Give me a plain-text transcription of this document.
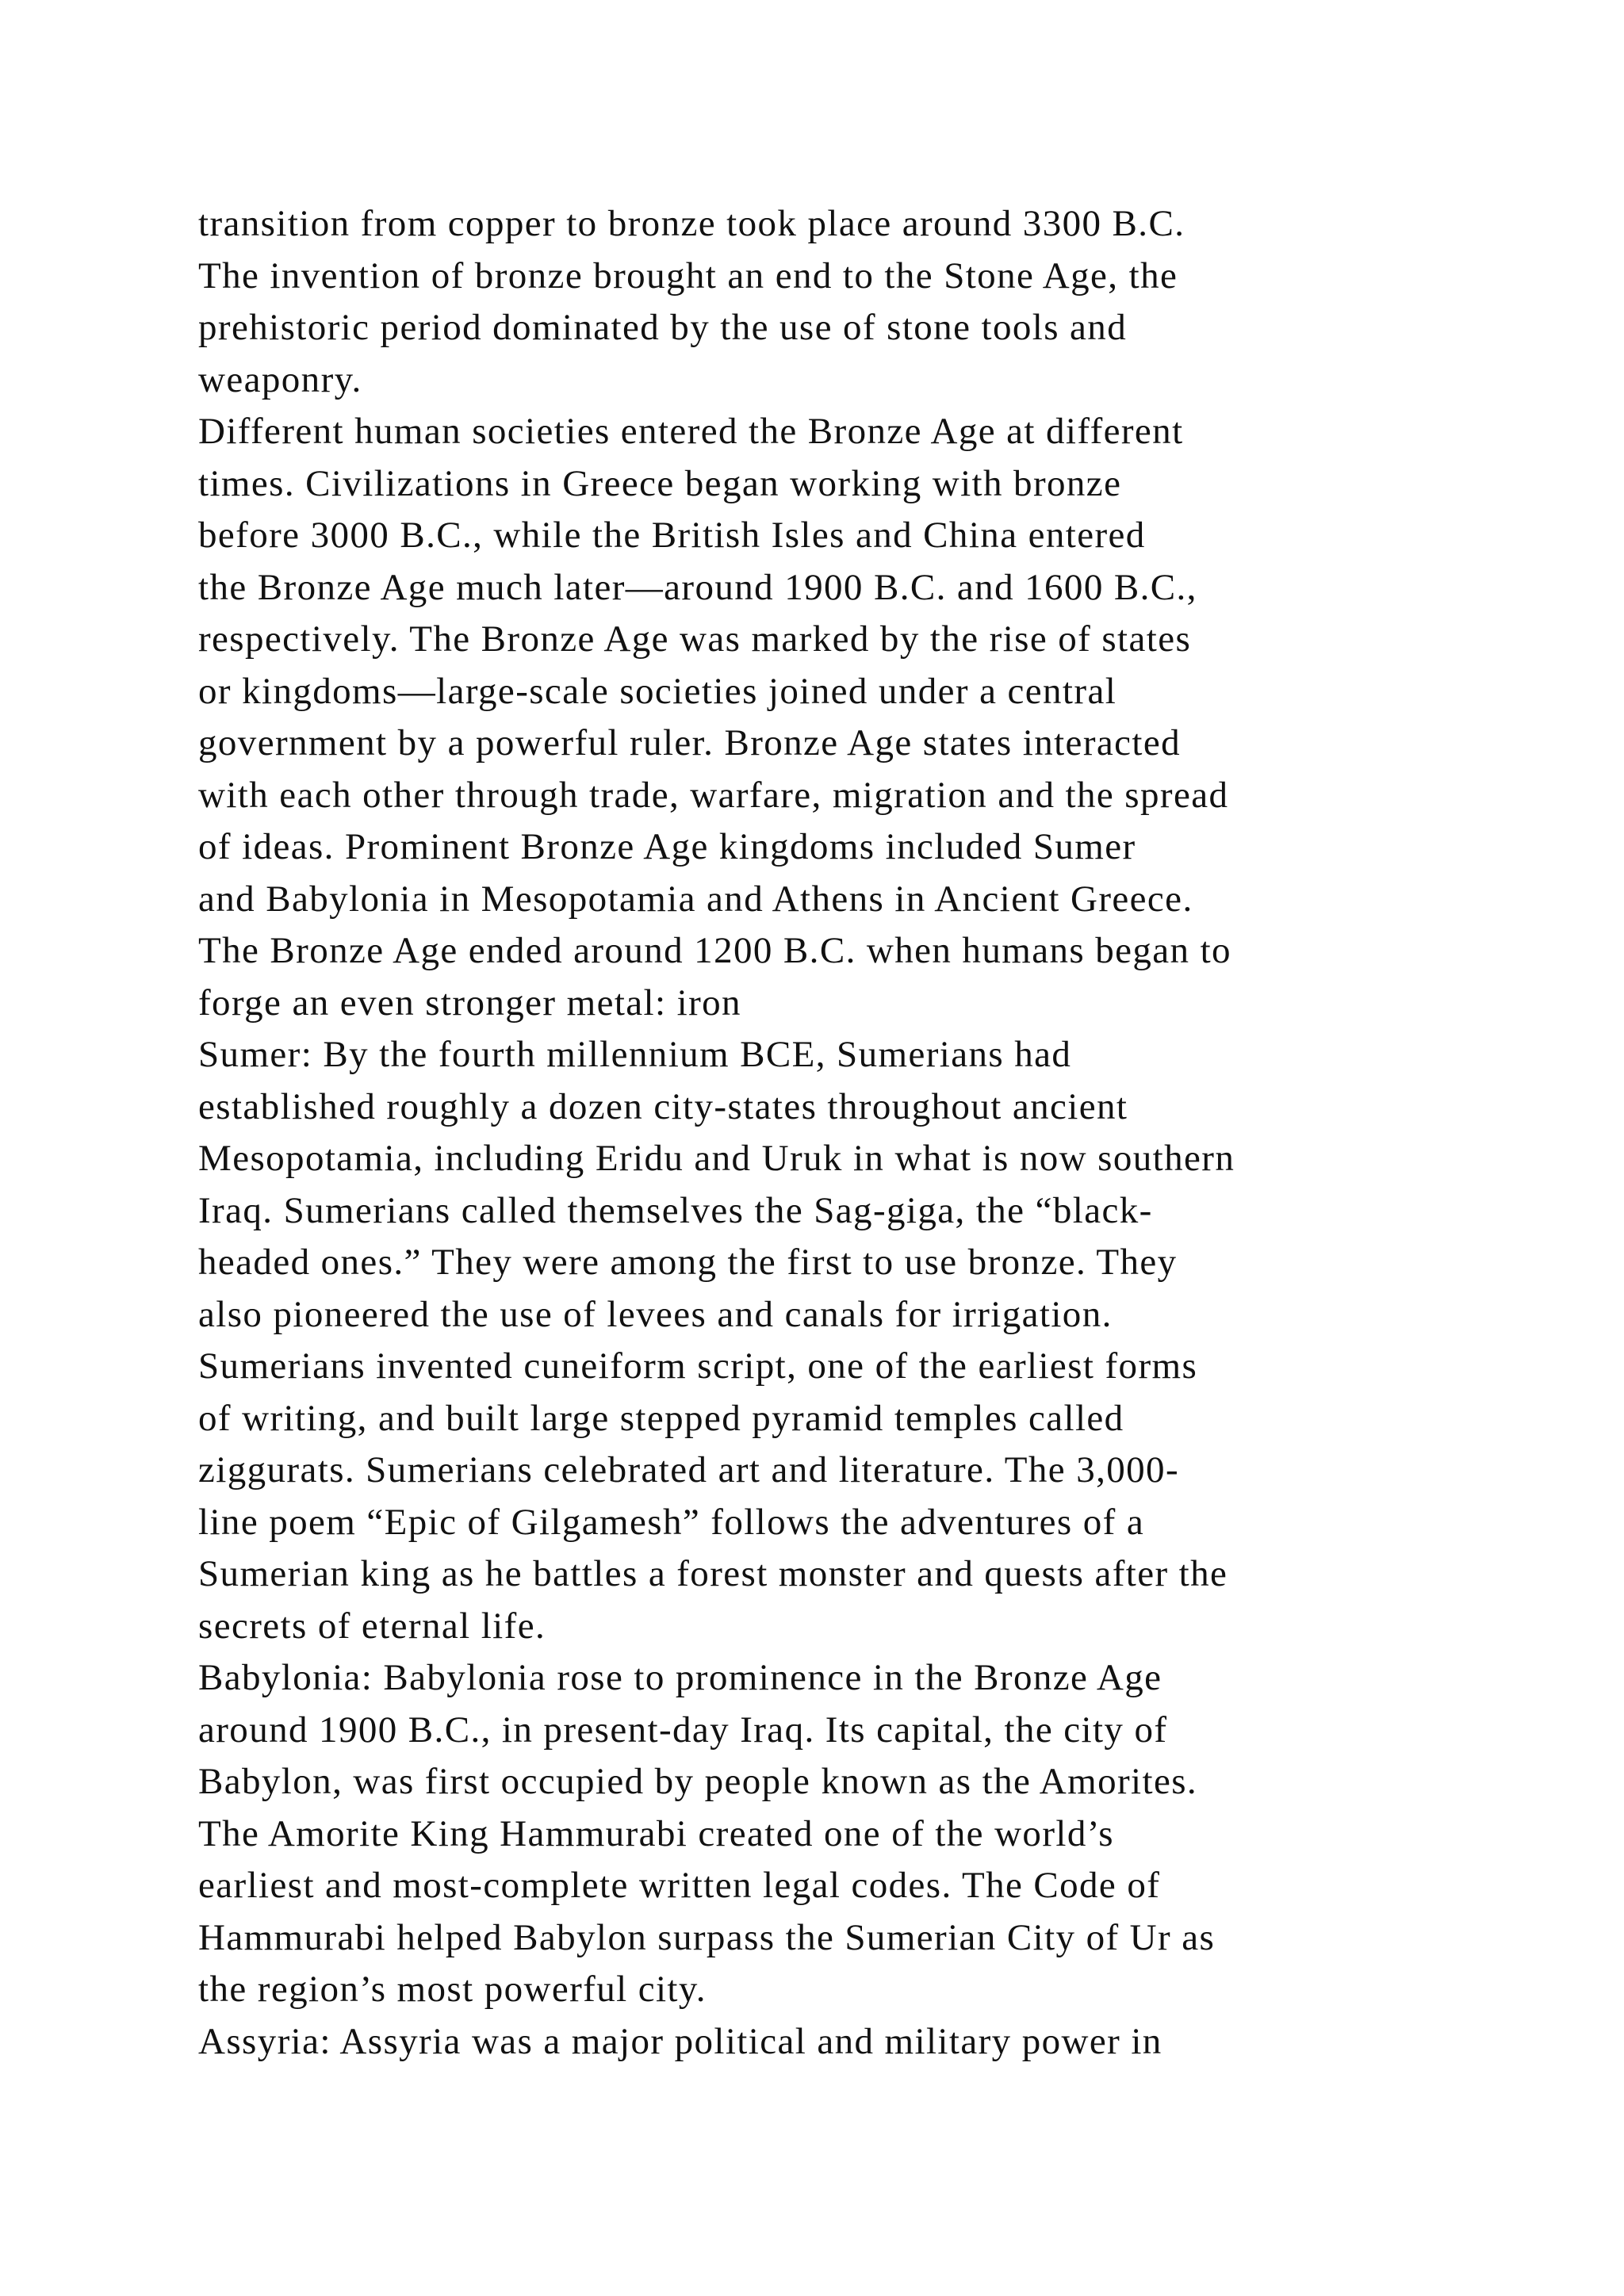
transition from copper to bronze took place around 3300 B.C.
The invention of bronze brought an end to the Stone Age, the
prehistoric period dominated by the use of stone tools and
weaponry.
Different human societies entered the Bronze Age at different
times. Civilizations in Greece began working with bronze
before 3000 B.C., while the British Isles and China entered
the Bronze Age much later—around 1900 B.C. and 1600 B.C.,
respectively. The Bronze Age was marked by the rise of states
or kingdoms—large-scale societies joined under a central
government by a powerful ruler. Bronze Age states interacted
with each other through trade, warfare, migration and the spread
of ideas. Prominent Bronze Age kingdoms included Sumer
and Babylonia in Mesopotamia and Athens in Ancient Greece.
The Bronze Age ended around 1200 B.C. when humans began to
forge an even stronger metal: iron
Sumer: By the fourth millennium BCE, Sumerians had
established roughly a dozen city-states throughout ancient
Mesopotamia, including Eridu and Uruk in what is now southern
Iraq. Sumerians called themselves the Sag-giga, the “black-
headed ones.” They were among the first to use bronze. They
also pioneered the use of levees and canals for irrigation.
Sumerians invented cuneiform script, one of the earliest forms
of writing, and built large stepped pyramid temples called
ziggurats. Sumerians celebrated art and literature. The 3,000-
line poem “Epic of Gilgamesh” follows the adventures of a
Sumerian king as he battles a forest monster and quests after the
secrets of eternal life.
Babylonia: Babylonia rose to prominence in the Bronze Age
around 1900 B.C., in present-day Iraq. Its capital, the city of
Babylon, was first occupied by people known as the Amorites.
The Amorite King Hammurabi created one of the world’s
earliest and most-complete written legal codes. The Code of
Hammurabi helped Babylon surpass the Sumerian City of Ur as
the region’s most powerful city.
Assyria: Assyria was a major political and military power in
